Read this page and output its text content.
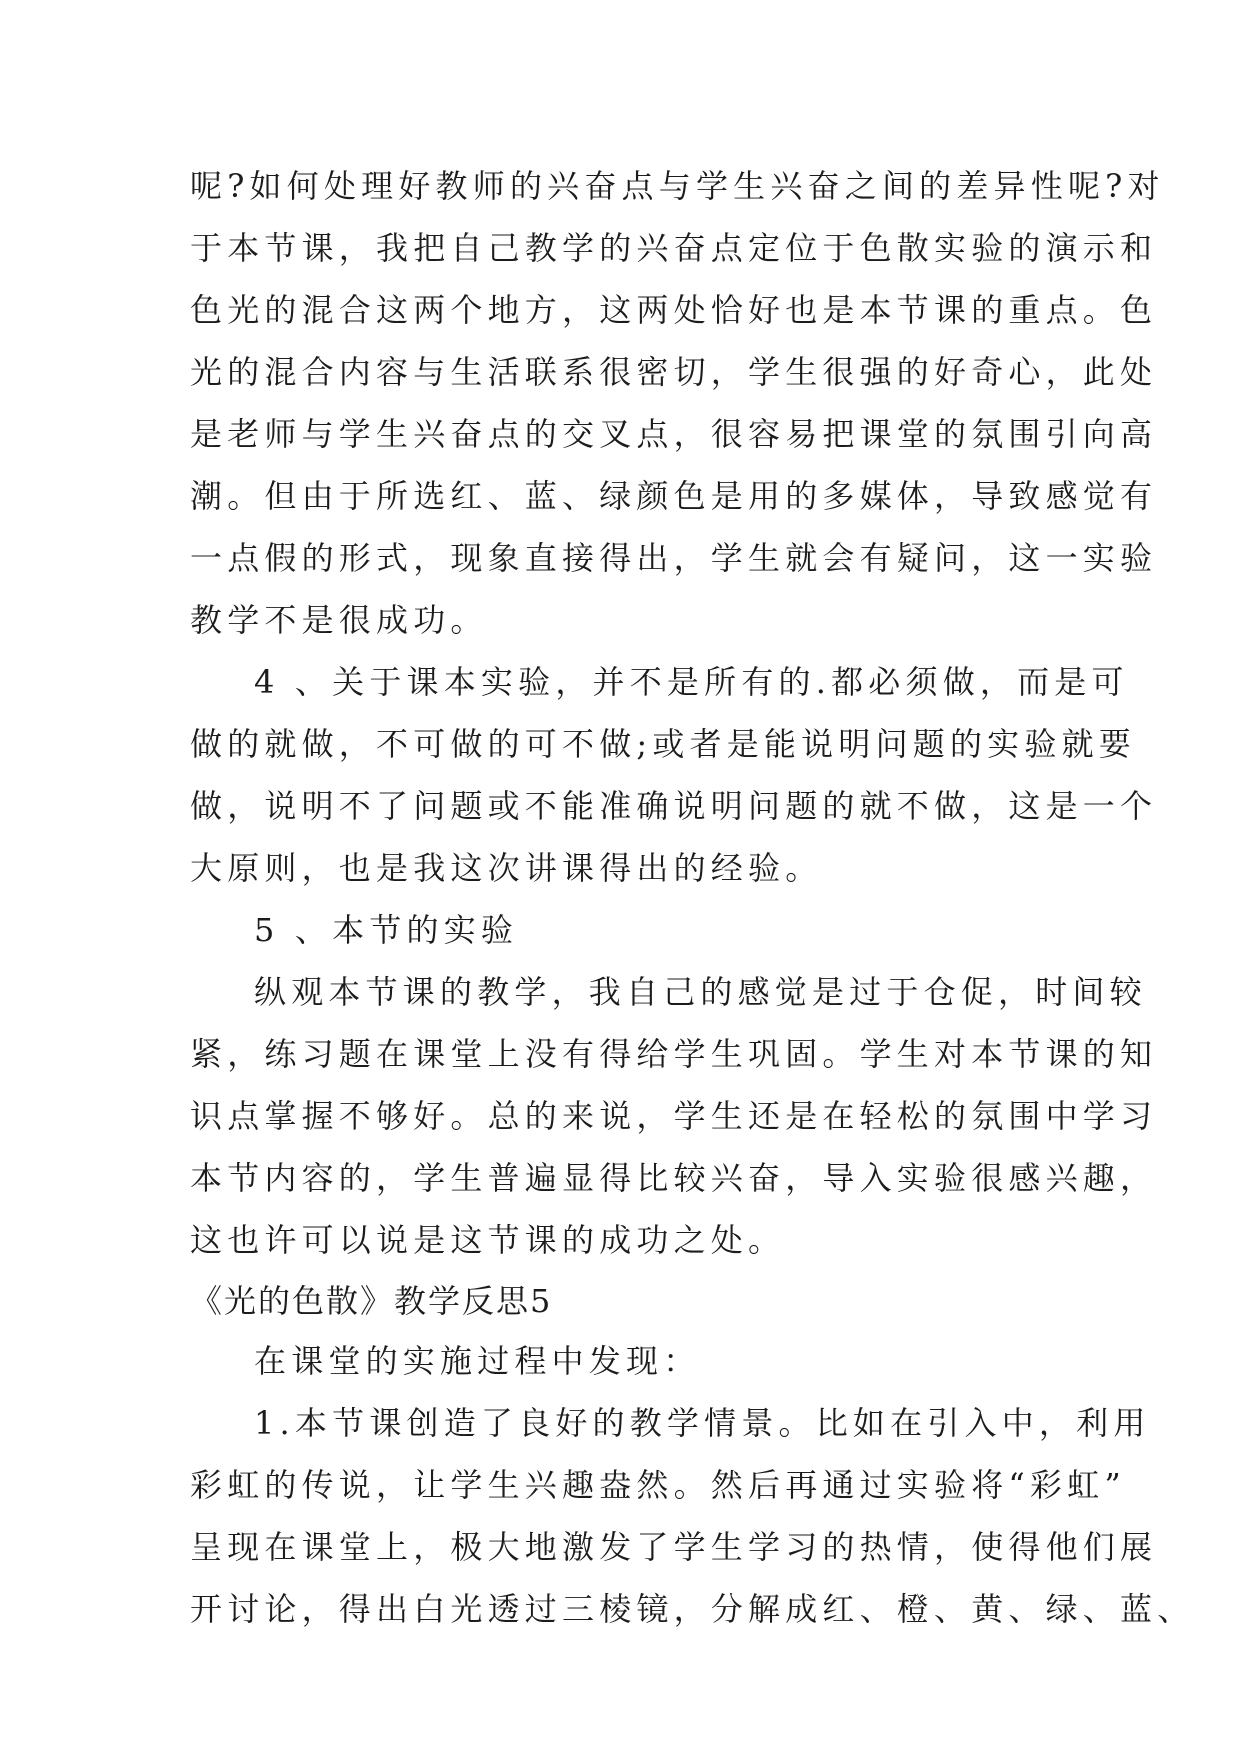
呢?如何处理好教师的兴奋点与学生兴奋之间的差异性呢?对

于本节课，我把自己教学的兴奋点定位于色散实验的演示和

色光的混合这两个地方，这两处恰好也是本节课的重点。色

光的混合内容与生活联系很密切，学生很强的好奇心，此处

是老师与学生兴奋点的交叉点，很容易把课堂的氛围引向高

潮。但由于所选红、蓝、绿颜色是用的多媒体，导致感觉有

一点假的形式，现象直接得出，学生就会有疑问，这一实验

教学不是很成功。

4 、关于课本实验，并不是所有的.都必须做，而是可

做的就做，不可做的可不做;或者是能说明问题的实验就要

做，说明不了问题或不能准确说明问题的就不做，这是一个

大原则，也是我这次讲课得出的经验。

5 、本节的实验

纵观本节课的教学，我自己的感觉是过于仓促，时间较

紧，练习题在课堂上没有得给学生巩固。学生对本节课的知

识点掌握不够好。总的来说，学生还是在轻松的氛围中学习

本节内容的，学生普遍显得比较兴奋，导入实验很感兴趣，

这也许可以说是这节课的成功之处。

《光的色散》教学反思5

在课堂的实施过程中发现：

1.本节课创造了良好的教学情景。比如在引入中，利用

彩虹的传说，让学生兴趣盎然。然后再通过实验将“彩虹”

呈现在课堂上，极大地激发了学生学习的热情，使得他们展

开讨论，得出白光透过三棱镜，分解成红、橙、黄、绿、蓝、
